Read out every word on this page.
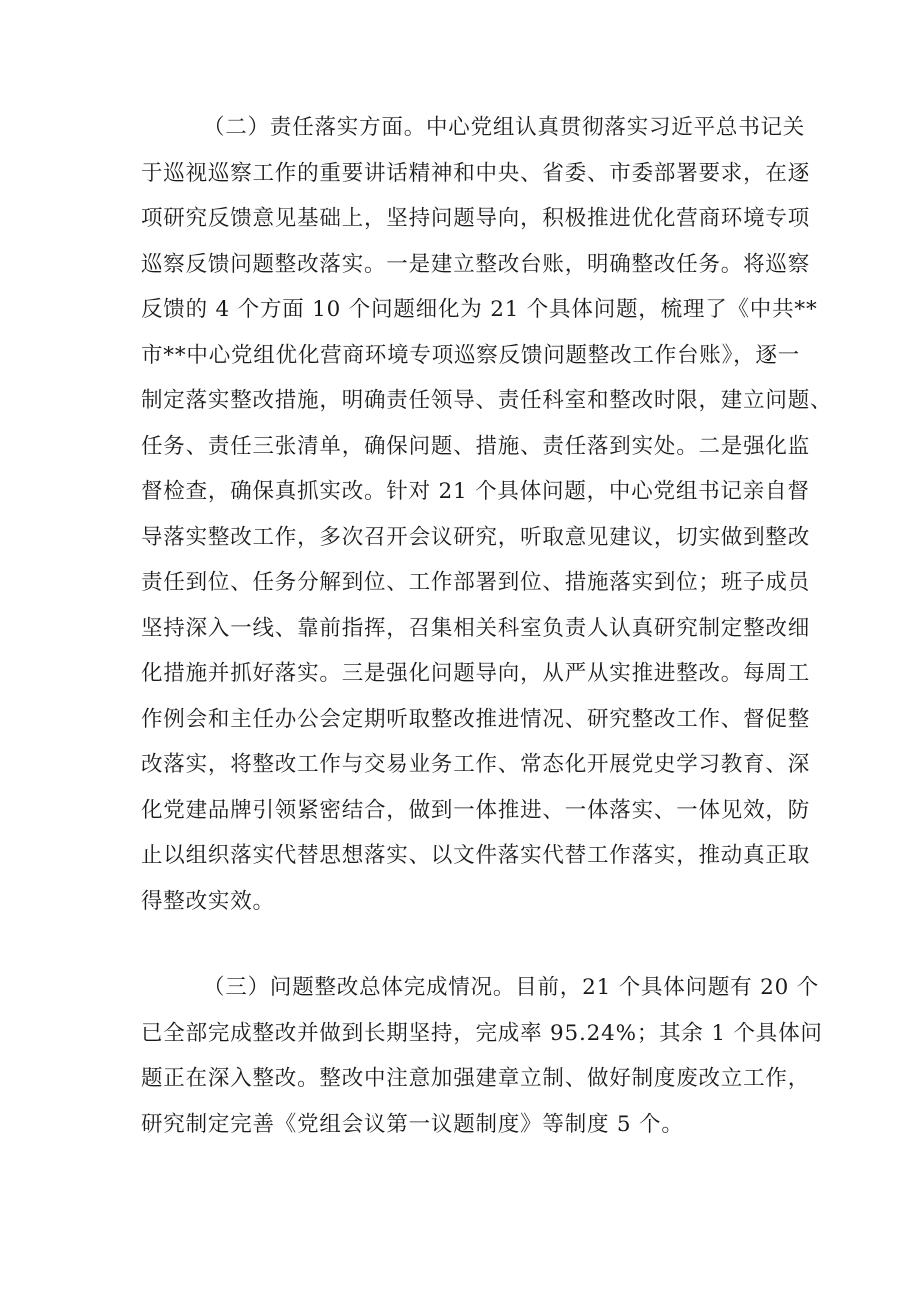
（二）责任落实方面。中心党组认真贯彻落实习近平总书记关
于巡视巡察工作的重要讲话精神和中央、省委、市委部署要求，在逐
项研究反馈意见基础上，坚持问题导向，积极推进优化营商环境专项
巡察反馈问题整改落实。一是建立整改台账，明确整改任务。将巡察
反馈的 4 个方面 10 个问题细化为 21 个具体问题，梳理了《中共**
市**中心党组优化营商环境专项巡察反馈问题整改工作台账》，逐一
制定落实整改措施，明确责任领导、责任科室和整改时限，建立问题、
任务、责任三张清单，确保问题、措施、责任落到实处。二是强化监
督检查，确保真抓实改。针对 21 个具体问题，中心党组书记亲自督
导落实整改工作，多次召开会议研究，听取意见建议，切实做到整改
责任到位、任务分解到位、工作部署到位、措施落实到位；班子成员
坚持深入一线、靠前指挥，召集相关科室负责人认真研究制定整改细
化措施并抓好落实。三是强化问题导向，从严从实推进整改。每周工
作例会和主任办公会定期听取整改推进情况、研究整改工作、督促整
改落实，将整改工作与交易业务工作、常态化开展党史学习教育、深
化党建品牌引领紧密结合，做到一体推进、一体落实、一体见效，防
止以组织落实代替思想落实、以文件落实代替工作落实，推动真正取
得整改实效。
（三）问题整改总体完成情况。目前，21 个具体问题有 20 个
已全部完成整改并做到长期坚持，完成率 95.24%；其余 1 个具体问
题正在深入整改。整改中注意加强建章立制、做好制度废改立工作，
研究制定完善《党组会议第一议题制度》等制度 5 个。
